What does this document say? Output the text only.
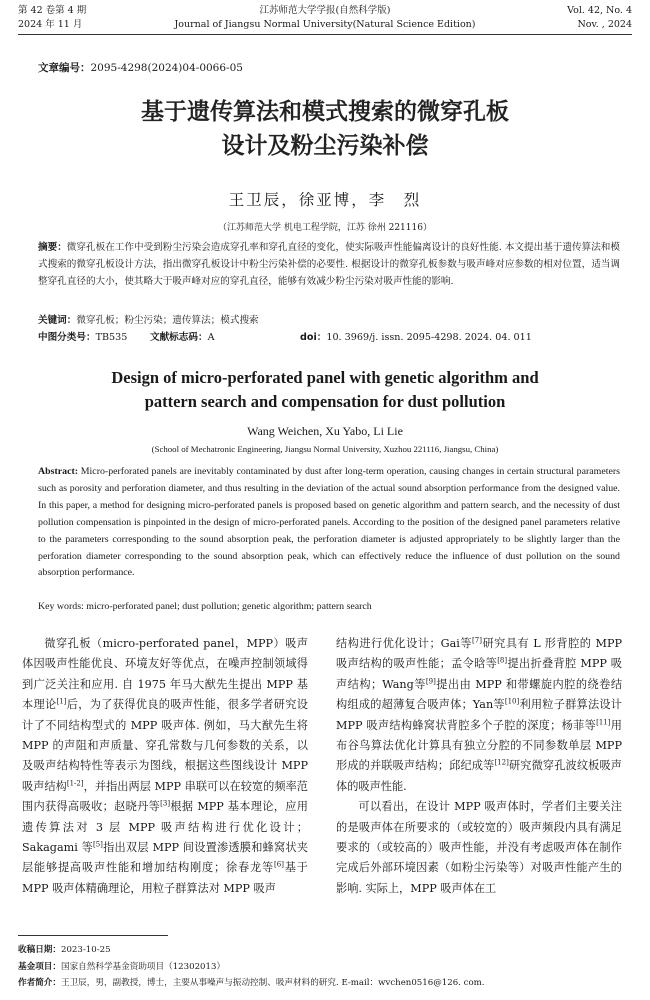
第 42 卷第 4 期
2024 年 11 月
江苏师范大学学报(自然科学版)
Journal of Jiangsu Normal University(Natural Science Edition)
Vol. 42, No. 4
Nov. , 2024
文章编号：2095-4298(2024)04-0066-05
基于遗传算法和模式搜索的微穿孔板
设计及粉尘污染补偿
王卫辰，徐亚博，李　烈
（江苏师范大学 机电工程学院，江苏 徐州 221116）
摘要：微穿孔板在工作中受到粉尘污染会造成穿孔率和穿孔直径的变化，使实际吸声性能偏离设计的良好性能. 本文提出基于遗传算法和模式搜索的微穿孔板设计方法，指出微穿孔板设计中粉尘污染补偿的必要性. 根据设计的微穿孔板参数与吸声峰对应参数的相对位置，适当调整穿孔直径的大小，使其略大于吸声峰对应的穿孔直径，能够有效减少粉尘污染对吸声性能的影响.
关键词：微穿孔板；粉尘污染；遗传算法；模式搜索
中图分类号：TB535 文献标志码：A	doi：10. 3969/j. issn. 2095-4298. 2024. 04. 011
Design of micro-perforated panel with genetic algorithm and
pattern search and compensation for dust pollution
Wang Weichen, Xu Yabo, Li Lie
(School of Mechatronic Engineering, Jiangsu Normal University, Xuzhou 221116, Jiangsu, China)
Abstract: Micro-perforated panels are inevitably contaminated by dust after long-term operation, causing changes in certain structural parameters such as porosity and perforation diameter, and thus resulting in the deviation of the actual sound absorption performance from the designed value. In this paper, a method for designing micro-perforated panels is proposed based on genetic algorithm and pattern search, and the necessity of dust pollution compensation is pinpointed in the design of micro-perforated panels. According to the position of the designed panel parameters relative to the parameters corresponding to the sound absorption peak, the perforation diameter is adjusted appropriately to be slightly larger than the perforation diameter corresponding to the sound absorption peak, which can effectively reduce the influence of dust pollution on the sound absorption performance.
Key words: micro-perforated panel; dust pollution; genetic algorithm; pattern search

微穿孔板（micro-perforated panel，MPP）吸声体因吸声性能优良、环境友好等优点，在噪声控制领域得到广泛关注和应用. 自 1975 年马大猷先生提出 MPP 基本理论[1]后，为了获得优良的吸声性能，很多学者研究设计了不同结构型式的 MPP 吸声体. 例如，马大猷先生将 MPP 的声阻和声质量、穿孔常数与几何参数的关系，以及吸声结构特性等表示为图线，根据这些图线设计 MPP 吸声结构[1-2]，并指出两层 MPP 串联可以在较宽的频率范围内获得高吸收；赵晓丹等[3]根据 MPP 基本理论，应用遗传算法对 3 层 MPP 吸声结构进行优化设计；Sakagami 等[5]指出双层 MPP 间设置渗透膜和蜂窝状夹层能够提高吸声性能和增加结构刚度；徐春龙等[6]基于 MPP 吸声体精确理论，用粒子群算法对 MPP 吸声

结构进行优化设计；Gai等[7]研究具有 L 形背腔的 MPP 吸声结构的吸声性能；孟令晗等[8]提出折叠背腔 MPP 吸声结构；Wang等[9]提出由 MPP 和带螺旋内腔的绕卷结构组成的超薄复合吸声体；Yan等[10]利用粒子群算法设计 MPP 吸声结构蜂窝状背腔多个子腔的深度；杨菲等[11]用布谷鸟算法优化计算具有独立分腔的不同参数单层 MPP 形成的并联吸声结构；邱纪成等[12]研究微穿孔波纹板吸声体的吸声性能.

可以看出，在设计 MPP 吸声体时，学者们主要关注的是吸声体在所要求的（或较宽的）吸声频段内具有满足要求的（或较高的）吸声性能，并没有考虑吸声体在制作完成后外部环境因素（如粉尘污染等）对吸声性能产生的影响. 实际上，MPP 吸声体在工

收稿日期：2023-10-25
基金项目：国家自然科学基金资助项目（12302013）
作者简介：王卫辰，男，副教授，博士，主要从事噪声与振动控制、吸声材料的研究. E-mail：wvchen0516@126. com.
